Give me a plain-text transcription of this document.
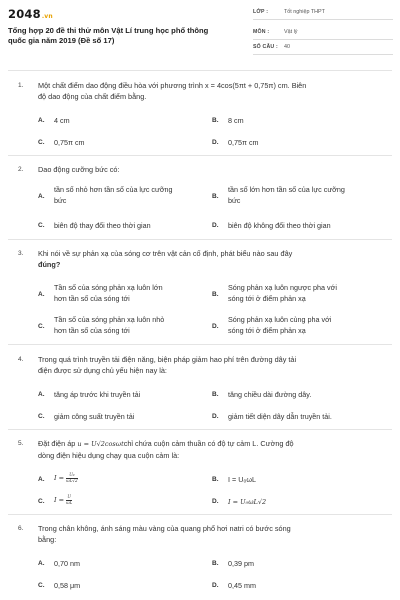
2048.vn
Tổng hợp 20 đề thi thử môn Vật Lí trung học phổ thông quốc gia năm 2019 (Đề số 17)
LỚP :	Tốt nghiệp THPT
MÔN :	Vật lý
SỐ CÂU : 40
1. Một chất điểm dao động điều hòa với phương trình x = 4cos(5πt + 0,75π) cm. Biên
độ dao động của chất điểm bằng.
A. 4 cm	B. 8 cm
C. 0,75π cm	D. 0,75π cm
2. Dao động cưỡng bức có:
A.
tần số nhỏ hơn tần số của lực cưỡng
bức	B.
tần số lớn hơn tần số của lực cưỡng
bức
C. biên độ thay đổi theo thời gian	D. biên độ không đổi theo thời gian
3. Khi nói về sự phản xạ của sóng cơ trên vật cản cố định, phát biểu nào sau đây
đúng?
A.
Tần số của sóng phản xạ luôn lớn
hơn tần số của sóng tới	B.
Sóng phản xạ luôn ngược pha với
sóng tới ở điểm phản xạ
C.
Tần số của sóng phản xạ luôn nhỏ
hơn tần số của sóng tới	D.
Sóng phản xạ luôn cùng pha với
sóng tới ở điểm phản xạ
4. Trong quá trình truyền tải điện năng, biện pháp giảm hao phí trên đường dây tải
điện được sử dụng chủ yếu hiện nay là:
A. tăng áp trước khi truyền tải	B. tăng chiều dài đường dây.
C. giảm công suất truyền tải	D. giảm tiết diện dây dẫn truyền tải.
5. Đặt điện áp u = U√2cosωtchỉ chứa cuộn cảm thuần có độ tự cảm L. Cường độ
dòng điện hiệu dụng chạy qua cuộn cảm là:
A. $I = \frac{\text{U₀}}{\omega L√2}$	B. I = U₀ωL
C. $I = \frac{U}{\omega L}$	D. I = U₀ωL√2
6. Trong chân không, ánh sáng màu vàng của quang phổ hơi natri có bước sóng
bằng:
A. 0,70 nm	B. 0,39 pm
C. 0,58 μm	D. 0,45 mm
